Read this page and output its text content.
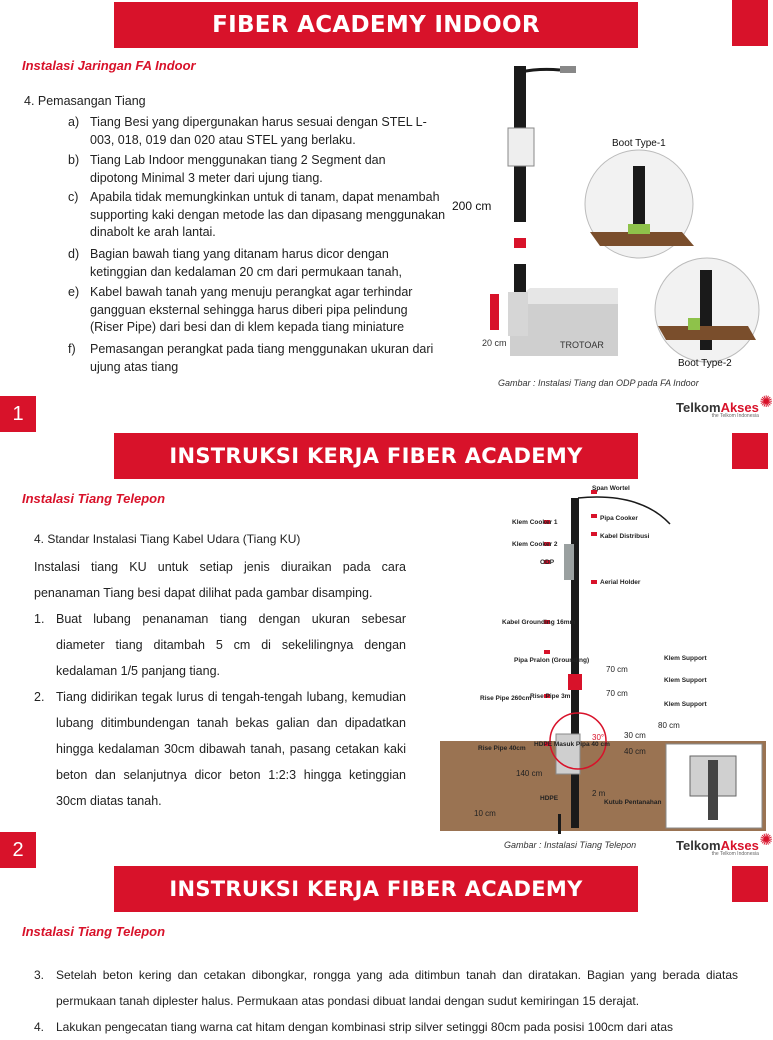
FIBER ACADEMY INDOOR
Instalasi Jaringan FA Indoor
4. Pemasangan Tiang
a) Tiang Besi yang dipergunakan harus sesuai dengan STEL L-003, 018, 019 dan 020 atau STEL yang berlaku.
b) Tiang Lab Indoor menggunakan tiang 2 Segment dan dipotong Minimal 3 meter dari ujung tiang.
c) Apabila tidak memungkinkan untuk di tanam, dapat menambah supporting kaki dengan metode las dan dipasang menggunakan dinabolt ke arah lantai.
d) Bagian bawah tiang yang ditanam harus dicor dengan ketinggian dan kedalaman 20 cm dari permukaan tanah,
e) Kabel bawah tanah yang menuju perangkat agar terhindar gangguan eksternal sehingga harus diberi pipa pelindung (Riser Pipe) dari besi dan di klem kepada tiang miniature
f) Pemasangan perangkat pada tiang menggunakan ukuran dari ujung atas tiang
200 cm
20 cm	TROTOAR
Boot Type-1
Boot Type-2
Gambar : Instalasi Tiang dan ODP pada FA Indoor
1	TelkomAkses
the Telkom Indonesia
✺
INSTRUKSI KERJA FIBER ACADEMY OUTDOOR
Instalasi Tiang Telepon
4. Standar Instalasi Tiang Kabel Udara (Tiang KU)
Instalasi tiang KU untuk setiap jenis diuraikan pada cara penanaman Tiang besi dapat dilihat pada gambar disamping.
1. Buat lubang penanaman tiang dengan ukuran sebesar diameter tiang ditambah 5 cm di sekelilingnya dengan kedalaman 1/5 panjang tiang.
2. Tiang didirikan tegak lurus di tengah-tengah lubang, kemudian lubang ditimbundengan tanah bekas galian dan dipadatkan hingga kedalaman 30cm dibawah tanah, pasang cetakan kaki beton dan selanjutnya dicor beton 1:2:3 hingga ketinggian 30cm diatas tanah.
Span Wortel
Klem Cooker 1
Pipa Cooker
Klem Cooker 2
Kabel Distribusi
ODP
Aerial Holder
Kabel Grounding 16mm
Pipa Pralon (Grounding)	Klem Support
Klem Support
Klem Support
Rise Pipe 260cm
Rise Pipe 3m
Rise Pipe 40cm
HDPE Masuk Pipa 40 cm
HDPE
Kutub Pentanahan
70 cm
70 cm
80 cm
30 cm
40 cm
140 cm
10 cm
2 m
30°
Gambar : Instalasi Tiang Telepon
2	TelkomAkses
the Telkom Indonesia
✺
INSTRUKSI KERJA FIBER ACADEMY OUTDOOR
Instalasi Tiang Telepon
3. Setelah beton kering dan cetakan dibongkar, rongga yang ada ditimbun tanah dan diratakan. Bagian yang berada diatas permukaan tanah diplester halus. Permukaan atas pondasi dibuat landai dengan sudut kemiringan 15 derajat.
4. Lakukan pengecatan tiang warna cat hitam dengan kombinasi strip silver setinggi 80cm pada posisi 100cm dari atas
